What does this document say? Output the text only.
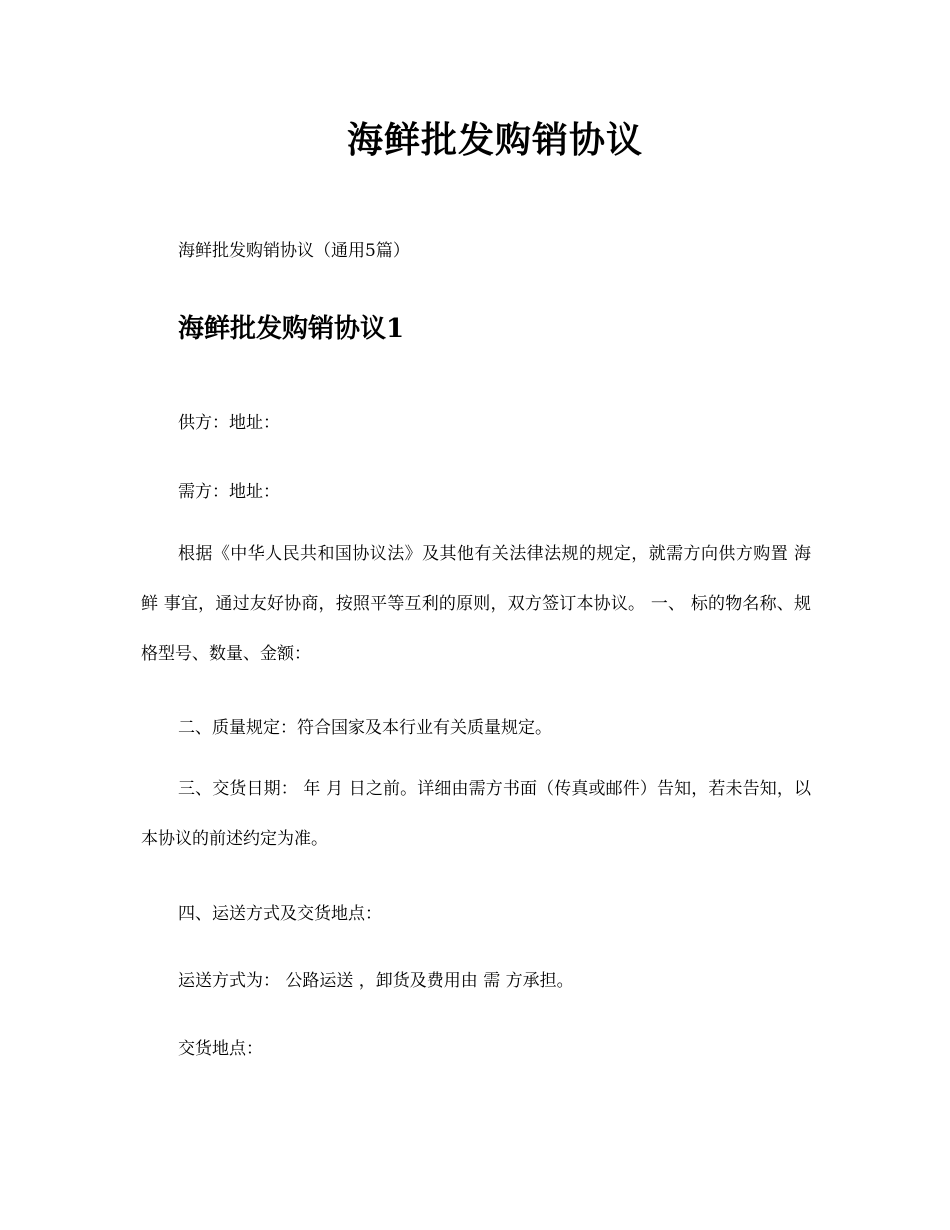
海鲜批发购销协议
海鲜批发购销协议（通用5篇）
海鲜批发购销协议1

供方：地址：

需方：地址：

根据《中华人民共和国协议法》及其他有关法律法规的规定，就需方向供方购置 海鲜 事宜，通过友好协商，按照平等互利的原则，双方签订本协议。 一、 标的物名称、规格型号、数量、金额：

二、质量规定：符合国家及本行业有关质量规定。

三、交货日期： 年 月 日之前。详细由需方书面（传真或邮件）告知，若未告知，以本协议的前述约定为准。

四、运送方式及交货地点：

运送方式为： 公路运送 ，卸货及费用由 需 方承担。

交货地点：
